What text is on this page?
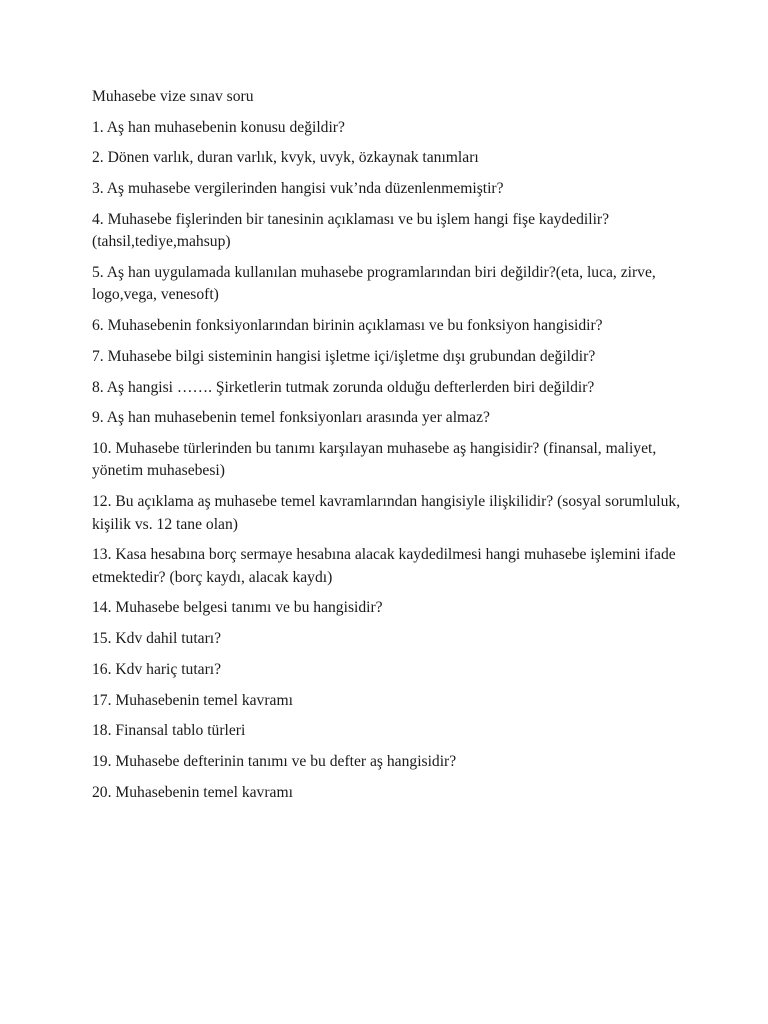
Muhasebe vize sınav soru

1. Aş han muhasebenin konusu değildir?

2. Dönen varlık, duran varlık, kvyk, uvyk, özkaynak tanımları

3. Aş muhasebe vergilerinden hangisi vuk’nda düzenlenmemiştir?

4. Muhasebe fişlerinden bir tanesinin açıklaması ve bu işlem hangi fişe kaydedilir?(tahsil,tediye,mahsup)

5. Aş han uygulamada kullanılan muhasebe programlarından biri değildir?(eta, luca, zirve, logo,vega, venesoft)

6. Muhasebenin fonksiyonlarından birinin açıklaması ve bu fonksiyon hangisidir?

7. Muhasebe bilgi sisteminin hangisi işletme içi/işletme dışı grubundan değildir?

8. Aş hangisi ……. Şirketlerin tutmak zorunda olduğu defterlerden biri değildir?

9. Aş han muhasebenin temel fonksiyonları arasında yer almaz?

10. Muhasebe türlerinden bu tanımı karşılayan muhasebe aş hangisidir? (finansal, maliyet, yönetim muhasebesi)

12. Bu açıklama aş muhasebe temel kavramlarından hangisiyle ilişkilidir? (sosyal sorumluluk, kişilik vs. 12 tane olan)

13. Kasa hesabına borç sermaye hesabına alacak kaydedilmesi hangi muhasebe işlemini ifade etmektedir? (borç kaydı, alacak kaydı)

14. Muhasebe belgesi tanımı ve bu hangisidir?

15. Kdv dahil tutarı?

16. Kdv hariç tutarı?

17. Muhasebenin temel kavramı

18. Finansal tablo türleri

19. Muhasebe defterinin tanımı ve bu defter aş hangisidir?

20. Muhasebenin temel kavramı
